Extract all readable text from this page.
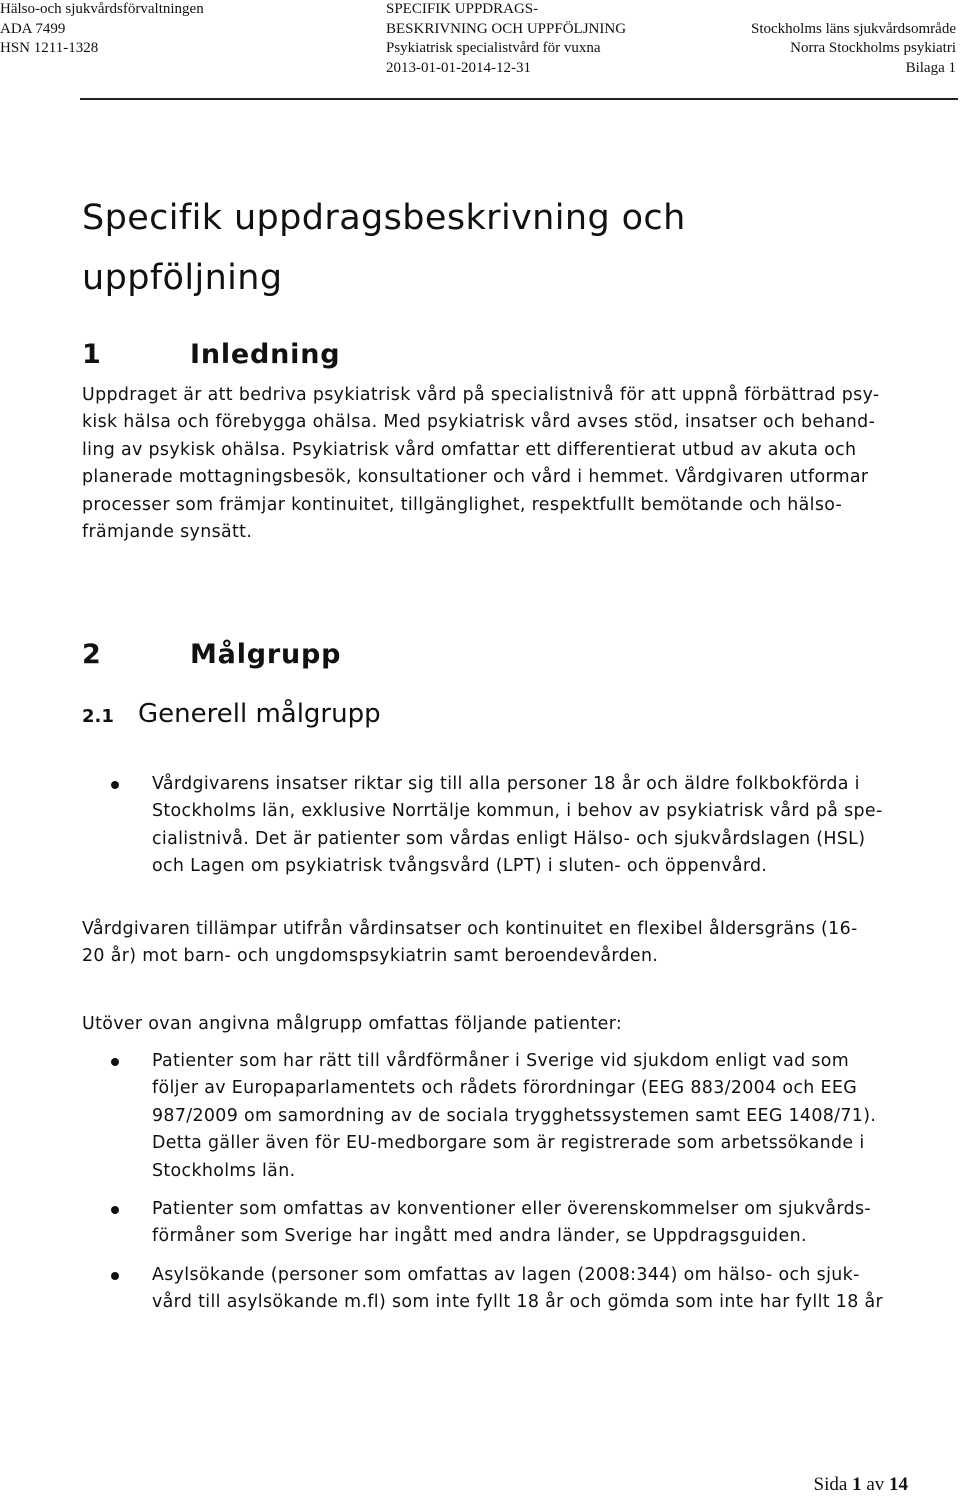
Hälso-och sjukvårdsförvaltningen
ADA 7499
HSN 1211-1328
SPECIFIK UPPDRAGS-
BESKRIVNING OCH UPPFÖLJNING
Psykiatrisk specialistvård för vuxna
2013-01-01-2014-12-31
Stockholms läns sjukvårdsområde
Norra Stockholms psykiatri
Bilaga 1
Specifik uppdragsbeskrivning och
uppföljning
1	Inledning
Uppdraget är att bedriva psykiatrisk vård på specialistnivå för att uppnå förbättrad psy-
kisk hälsa och förebygga ohälsa. Med psykiatrisk vård avses stöd, insatser och behand-
ling av psykisk ohälsa. Psykiatrisk vård omfattar ett differentierat utbud av akuta och
planerade mottagningsbesök, konsultationer och vård i hemmet. Vårdgivaren utformar
processer som främjar kontinuitet, tillgänglighet, respektfullt bemötande och hälso-
främjande synsätt.
2	Målgrupp
2.1 Generell målgrupp
Vårdgivarens insatser riktar sig till alla personer 18 år och äldre folkbokförda i
Stockholms län, exklusive Norrtälje kommun, i behov av psykiatrisk vård på spe-
cialistnivå. Det är patienter som vårdas enligt Hälso- och sjukvårdslagen (HSL)
och Lagen om psykiatrisk tvångsvård (LPT) i sluten- och öppenvård.
Vårdgivaren tillämpar utifrån vårdinsatser och kontinuitet en flexibel åldersgräns (16-
20 år) mot barn- och ungdomspsykiatrin samt beroendevården.
Utöver ovan angivna målgrupp omfattas följande patienter:
Patienter som har rätt till vårdförmåner i Sverige vid sjukdom enligt vad som
följer av Europaparlamentets och rådets förordningar (EEG 883/2004 och EEG
987/2009 om samordning av de sociala trygghetssystemen samt EEG 1408/71).
Detta gäller även för EU-medborgare som är registrerade som arbetssökande i
Stockholms län.
Patienter som omfattas av konventioner eller överenskommelser om sjukvårds-
förmåner som Sverige har ingått med andra länder, se Uppdragsguiden.
Asylsökande (personer som omfattas av lagen (2008:344) om hälso- och sjuk-
vård till asylsökande m.fl) som inte fyllt 18 år och gömda som inte har fyllt 18 år
Sida 1 av 14
